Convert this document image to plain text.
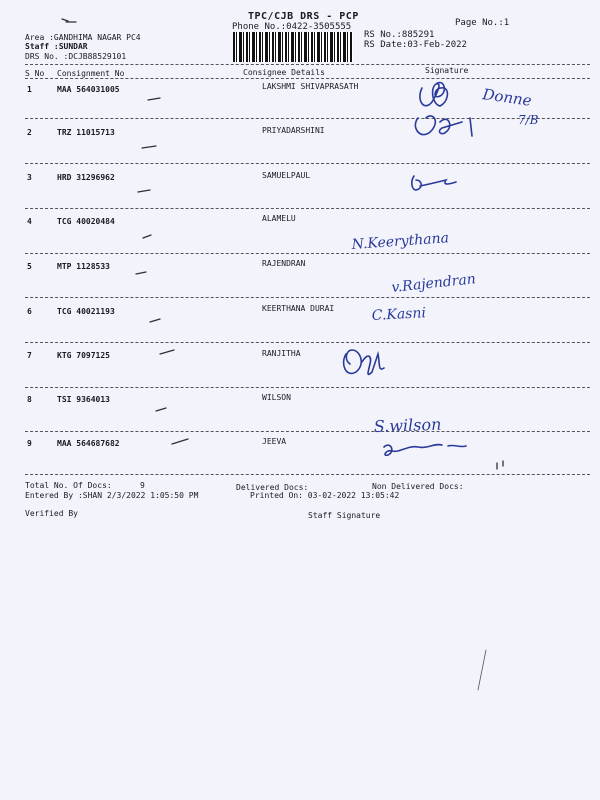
TPC/CJB DRS - PCP
Phone No.:0422-3505555	Page No.:1
RS No.:885291
RS Date:03-Feb-2022
Area :GANDHIMA NAGAR PC4
Staff :SUNDAR
DRS No. :DCJB88529101
S No Consignment No	Consignee Details	Signature
1	MAA 564031005	LAKSHMI SHIVAPRASATH
2	TRZ 11015713	PRIYADARSHINI
3	HRD 31296962	SAMUELPAUL
4	TCG 40020484	ALAMELU
5	MTP 1128533	RAJENDRAN
6	TCG 40021193	KEERTHANA DURAI
7	KTG 7097125	RANJITHA
8	TSI 9364013	WILSON
9	MAA 564687682	JEEVA
Total No. Of Docs:	9	Delivered Docs:	Non Delivered Docs:
Entered By :SHAN 2/3/2022 1:05:50 PM	Printed On: 03-02-2022 13:05:42
Verified By	Staff Signature
Donne
7/B
N.Keerythana
v.Rajendran
C.Kasni
S.wilson
